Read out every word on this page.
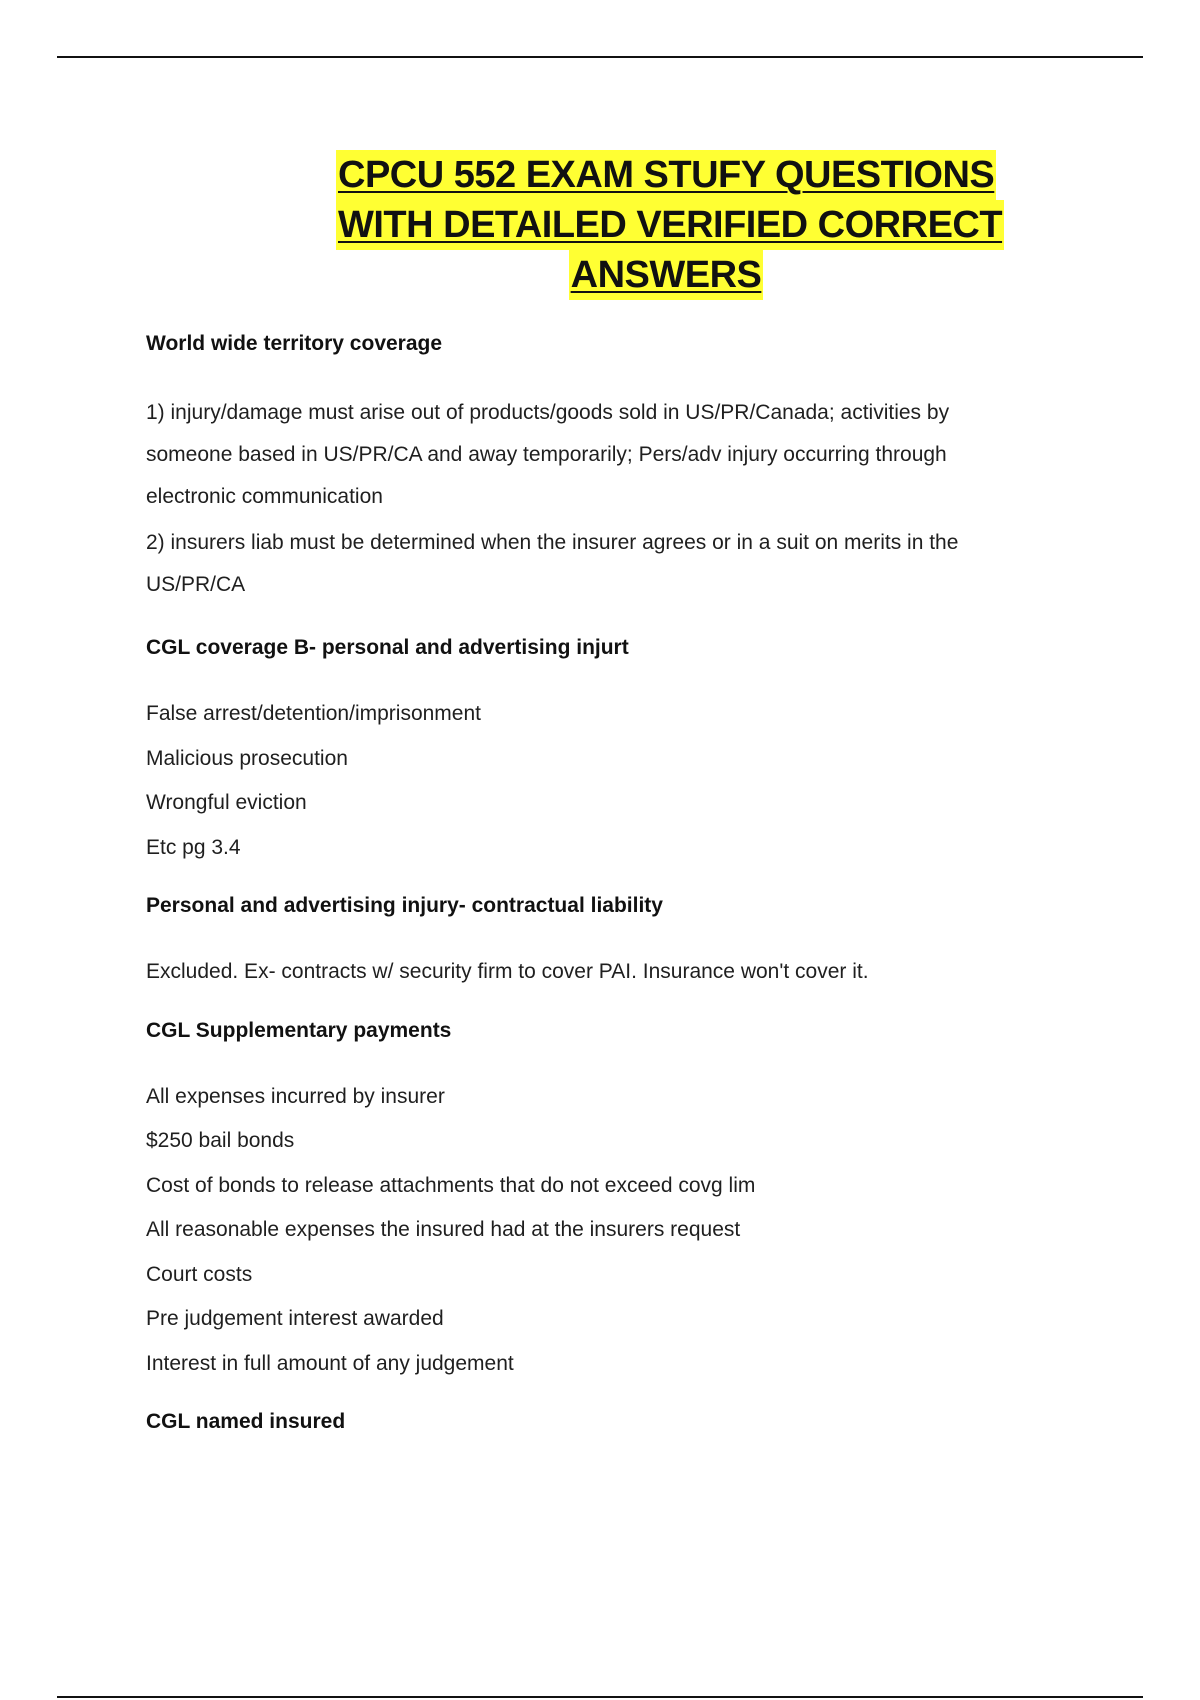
CPCU 552 EXAM STUFY QUESTIONS
WITH DETAILED VERIFIED CORRECT
ANSWERS

World wide territory coverage

1) injury/damage must arise out of products/goods sold in US/PR/Canada; activities by someone based in US/PR/CA and away temporarily; Pers/adv injury occurring through electronic communication

2) insurers liab must be determined when the insurer agrees or in a suit on merits in the US/PR/CA

CGL coverage B- personal and advertising injurt

False arrest/detention/imprisonment

Malicious prosecution

Wrongful eviction

Etc pg 3.4

Personal and advertising injury- contractual liability

Excluded. Ex- contracts w/ security firm to cover PAI. Insurance won't cover it.

CGL Supplementary payments

All expenses incurred by insurer

$250 bail bonds

Cost of bonds to release attachments that do not exceed covg lim

All reasonable expenses the insured had at the insurers request

Court costs

Pre judgement interest awarded

Interest in full amount of any judgement

CGL named insured
